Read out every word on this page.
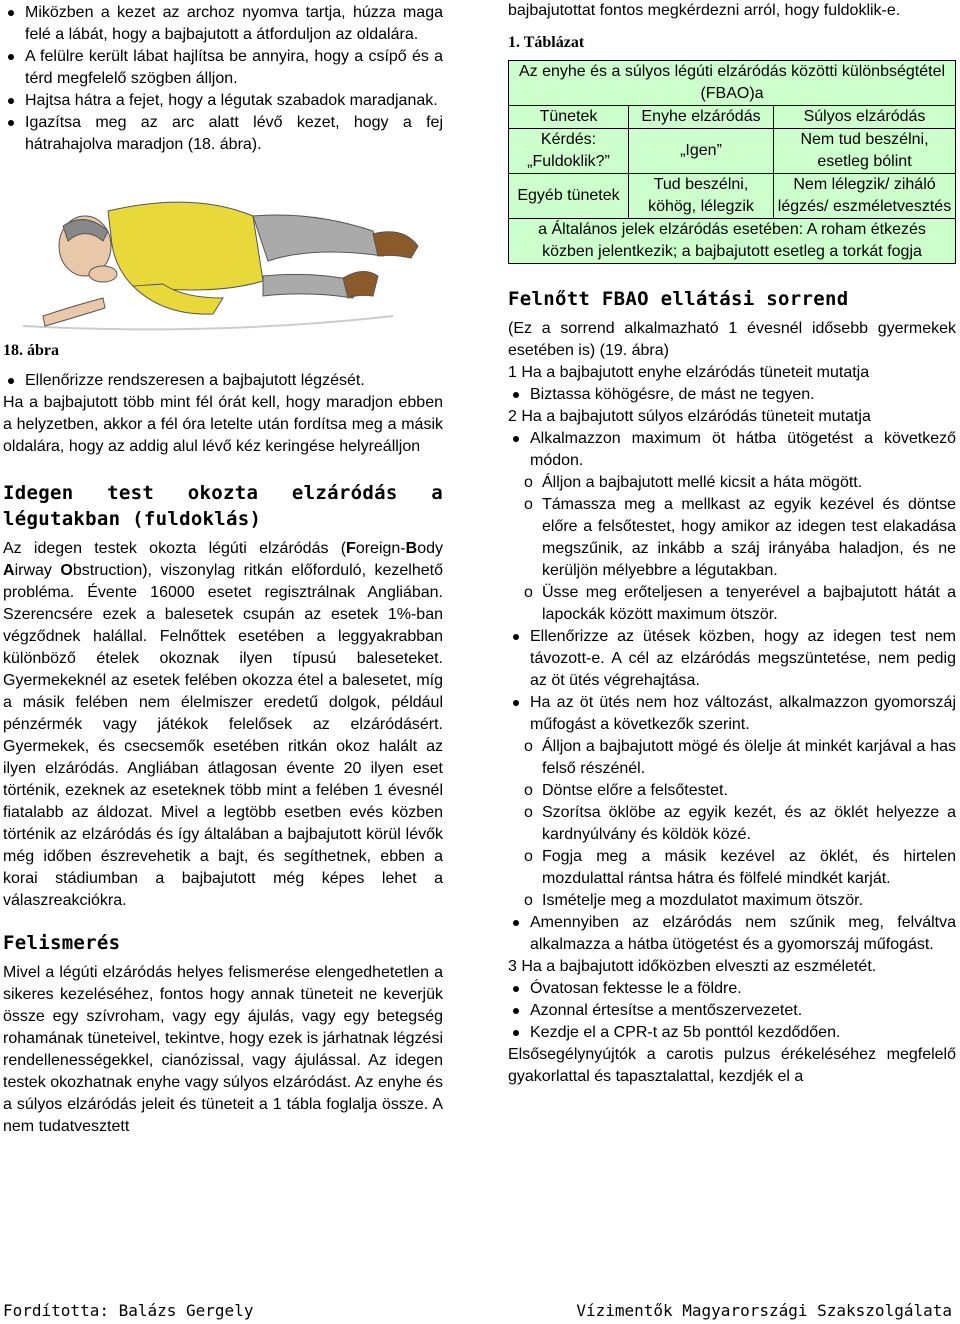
Miközben a kezet az archoz nyomva tartja, húzza maga felé a lábát, hogy a bajbajutott a átforduljon az oldalára.
A felülre került lábat hajlítsa be annyira, hogy a csípő és a térd megfelelő szögben álljon.
Hajtsa hátra a fejet, hogy a légutak szabadok maradjanak.
Igazítsa meg az arc alatt lévő kezet, hogy a fej hátrahajolva maradjon (18. ábra).
18. ábra
Ellenőrizze rendszeresen a bajbajutott légzését.

Ha a bajbajutott több mint fél órát kell, hogy maradjon ebben a helyzetben, akkor a fél óra letelte után fordítsa meg a másik oldalára, hogy az addig alul lévő kéz keringése helyreálljon

Idegen test okozta elzáródás a légutakban (fuldoklás)

Az idegen testek okozta légúti elzáródás (Foreign-Body Airway Obstruction), viszonylag ritkán előforduló, kezelhető probléma. Évente 16000 esetet regisztrálnak Angliában. Szerencsére ezek a balesetek csupán az esetek 1%-ban végződnek halállal. Felnőttek esetében a leggyakrabban különböző ételek okoznak ilyen típusú baleseteket. Gyermekeknél az esetek felében okozza étel a balesetet, míg a másik felében nem élelmiszer eredetű dolgok, például pénzérmék vagy játékok felelősek az elzáródásért. Gyermekek, és csecsemők esetében ritkán okoz halált az ilyen elzáródás. Angliában átlagosan évente 20 ilyen eset történik, ezeknek az eseteknek több mint a felében 1 évesnél fiatalabb az áldozat. Mivel a legtöbb esetben evés közben történik az elzáródás és így általában a bajbajutott körül lévők még időben észrevehetik a bajt, és segíthetnek, ebben a korai stádiumban a bajbajutott még képes lehet a válaszreakciókra.

Felismerés

Mivel a légúti elzáródás helyes felismerése elengedhetetlen a sikeres kezeléséhez, fontos hogy annak tüneteit ne keverjük össze egy szívroham, vagy egy ájulás, vagy egy betegség rohamának tüneteivel, tekintve, hogy ezek is járhatnak légzési rendellenességekkel, cianózissal, vagy ájulással. Az idegen testek okozhatnak enyhe vagy súlyos elzáródást. Az enyhe és a súlyos elzáródás jeleit és tüneteit a 1 tábla foglalja össze. A nem tudatvesztett

bajbajutottat fontos megkérdezni arról, hogy fuldoklik-e.

1. Táblázat
Az enyhe és a súlyos légúti elzáródás közötti különbségtétel (FBAO)a		
Tünetek	Enyhe elzáródás	Súlyos elzáródás
Kérdés: „Fuldoklik?”	„Igen”	Nem tud beszélni, esetleg bólint
Egyéb tünetek	Tud beszélni, köhög, lélegzik	Nem lélegzik/ ziháló légzés/ eszméletvesztés
a Általános jelek elzáródás esetében: A roham étkezés közben jelentkezik; a bajbajutott esetleg a torkát fogja		
Felnőtt FBAO ellátási sorrend

(Ez a sorrend alkalmazható 1 évesnél idősebb gyermekek esetében is) (19. ábra)

1 Ha a bajbajutott enyhe elzáródás tüneteit mutatja

Biztassa köhögésre, de mást ne tegyen.

2 Ha a bajbajutott súlyos elzáródás tüneteit mutatja

Alkalmazzon maximum öt hátba ütögetést a következő módon.
o Álljon a bajbajutott mellé kicsit a háta mögött.
o Támassza meg a mellkast az egyik kezével és döntse előre a felsőtestet, hogy amikor az idegen test elakadása megszűnik, az inkább a száj irányába haladjon, és ne kerüljön mélyebbre a légutakban.
o Üsse meg erőteljesen a tenyerével a bajbajutott hátát a lapockák között maximum ötször.
Ellenőrizze az ütések közben, hogy az idegen test nem távozott-e. A cél az elzáródás megszüntetése, nem pedig az öt ütés végrehajtása.
Ha az öt ütés nem hoz változást, alkalmazzon gyomorszáj műfogást a következők szerint.
o Álljon a bajbajutott mögé és ölelje át minkét karjával a has felső részénél.
o Döntse előre a felsőtestet.
o Szorítsa öklöbe az egyik kezét, és az öklét helyezze a kardnyúlvány és köldök közé.
o Fogja meg a másik kezével az öklét, és hirtelen mozdulattal rántsa hátra és fölfelé mindkét karját.
o Ismételje meg a mozdulatot maximum ötször.
Amennyiben az elzáródás nem szűnik meg, felváltva alkalmazza a hátba ütögetést és a gyomorszáj műfogást.

3 Ha a bajbajutott időközben elveszti az eszméletét.

Óvatosan fektesse le a földre.
Azonnal értesítse a mentőszervezetet.
Kezdje el a CPR-t az 5b ponttól kezdődően.

Elsősegélynyújtók a carotis pulzus érékeléséhez megfelelő gyakorlattal és tapasztalattal, kezdjék el a

Fordította: Balázs Gergely	Vízimentők Magyarországi Szakszolgálata
